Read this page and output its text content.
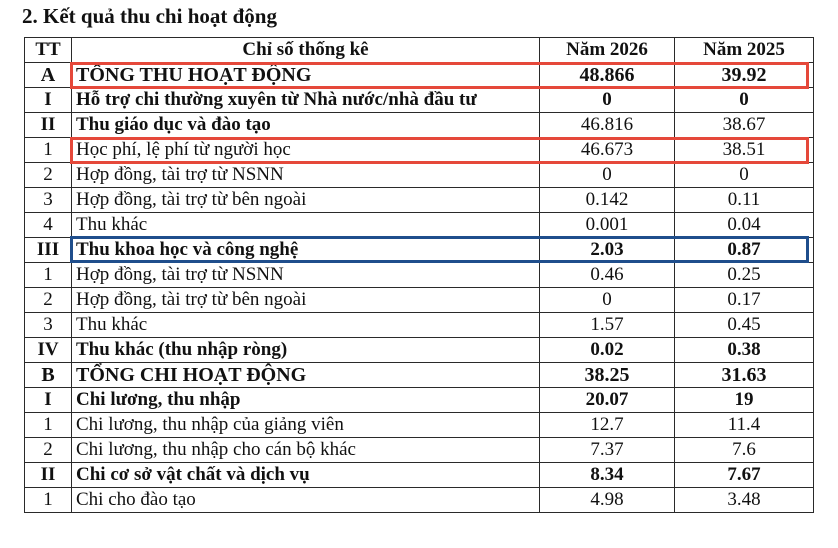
2. Kết quả thu chi hoạt động
TT	Chỉ số thống kê	Năm 2026	Năm 2025
A	TỔNG THU HOẠT ĐỘNG	48.866	39.92
I	Hỗ trợ chi thường xuyên từ Nhà nước/nhà đầu tư	0	0
II	Thu giáo dục và đào tạo	46.816	38.67
1	Học phí, lệ phí từ người học	46.673	38.51
2	Hợp đồng, tài trợ từ NSNN	0	0
3	Hợp đồng, tài trợ từ bên ngoài	0.142	0.11
4	Thu khác	0.001	0.04
III	Thu khoa học và công nghệ	2.03	0.87
1	Hợp đồng, tài trợ từ NSNN	0.46	0.25
2	Hợp đồng, tài trợ từ bên ngoài	0	0.17
3	Thu khác	1.57	0.45
IV	Thu khác (thu nhập ròng)	0.02	0.38
B	TỔNG CHI HOẠT ĐỘNG	38.25	31.63
I	Chi lương, thu nhập	20.07	19
1	Chi lương, thu nhập của giảng viên	12.7	11.4
2	Chi lương, thu nhập cho cán bộ khác	7.37	7.6
II	Chi cơ sở vật chất và dịch vụ	8.34	7.67
1	Chi cho đào tạo	4.98	3.48
